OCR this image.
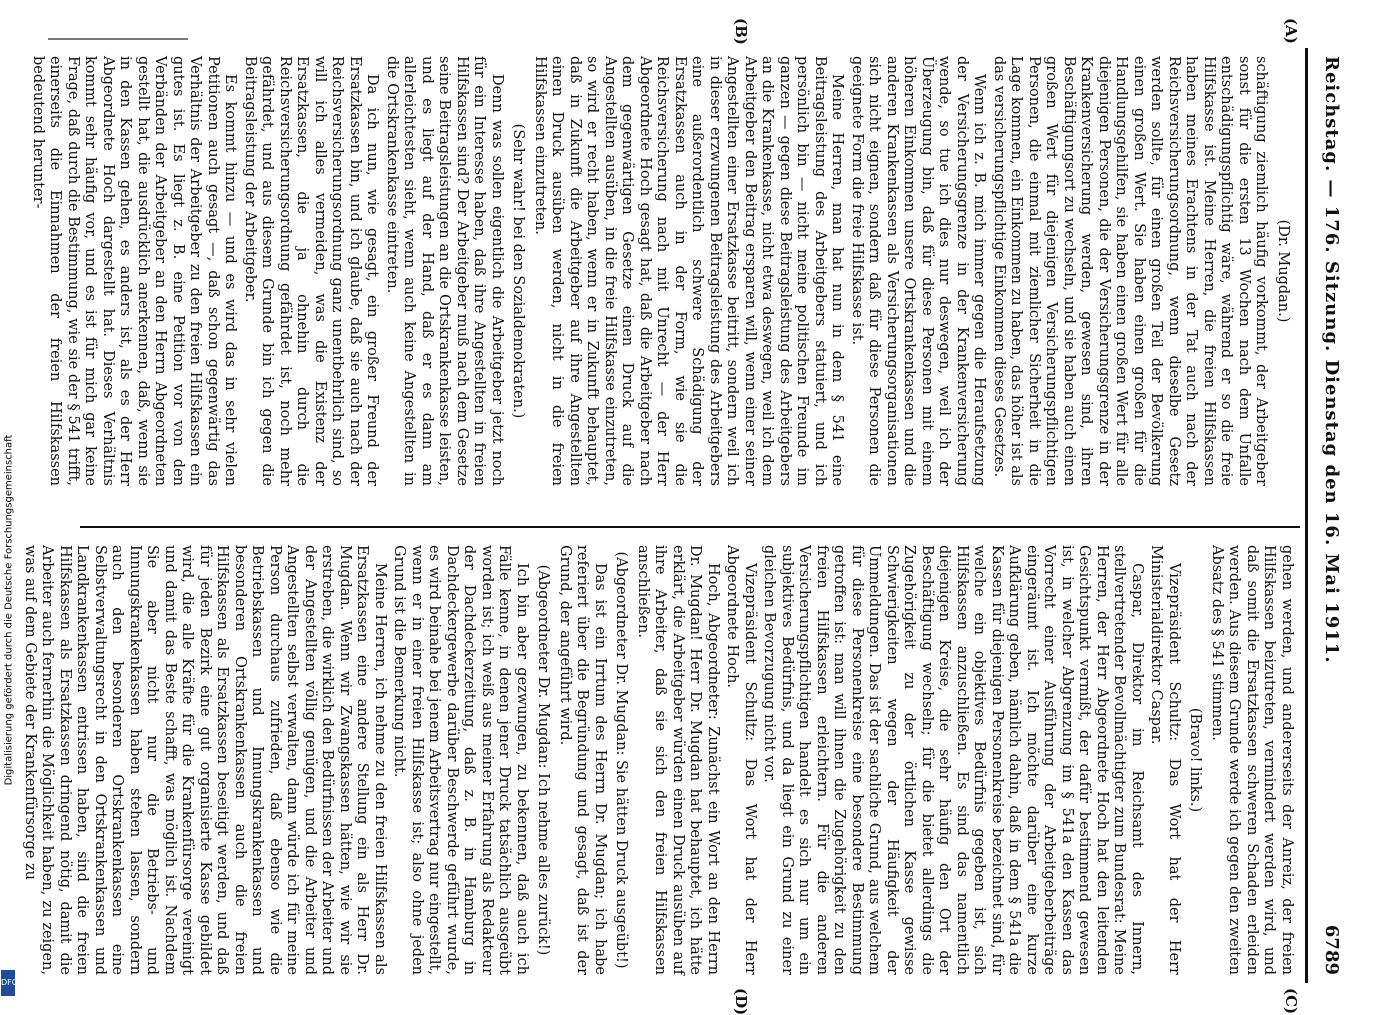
Digitalisierung gefördert durch die Deutsche Forschungsgemeinschaft
DFG
Reichstag. — 176. Sitzung. Dienstag den 16. Mai 1911.
6789
(A)
(B)
(C)
(D)

(Dr. Mugdan.)

schäftigung ziemlich häufig vorkommt, der Arbeitgeber sonst für die ersten 13 Wochen nach dem Unfalle entschädigungspflichtig wäre, während er so die freie Hilfskasse ist. Meine Herren, die freien Hilfskassen haben meines Erachtens in der Tat auch nach der Reichsversicherungsordnung, wenn dieselbe Gesetz werden sollte, für einen großen Teil der Bevölkerung einen großen Wert. Sie haben einen großen für die Handlungsgehilfen, sie haben einen großen Wert für alle diejenigen Personen, die der Versicherungsgrenze in der Krankenversicherung werden, gewesen sind, ihren Beschäftigungsort zu wechseln, und sie haben auch einen großen Wert für diejenigen Versicherungspflichtigen Personen, die einmal mit ziemlicher Sicherheit in die Lage kommen, ein Einkommen zu haben, das höher ist als das versicherungspflichtige Einkommen dieses Gesetzes.

Wenn ich z. B. mich immer gegen die Heraufsetzung der Versicherungsgrenze in der Krankenversicherung wende, so tue ich dies nur deswegen, weil ich der Überzeugung bin, daß für diese Personen mit einem höheren Einkommen unsere Ortskrankenkassen und die anderen Krankenkassen als Versicherungsorganisationen sich nicht eignen, sondern daß für diese Personen die geeignete Form die freie Hilfskasse ist.

Meine Herren, man hat nun in dem § 541 eine Beitragsleistung des Arbeitgebers statuiert, und ich persönlich bin — nicht meine politischen Freunde im ganzen — gegen diese Beitragsleistung des Arbeitgebers an die Krankenkasse, nicht etwa deswegen, weil ich dem Arbeitgeber den Beitrag ersparen will, wenn einer seiner Angestellten einer Ersatzkasse beitritt, sondern weil ich in dieser erzwungenen Beitragsleistung des Arbeitgebers eine außerordentlich schwere Schädigung der Ersatzkassen auch in der Form, wie sie die Reichsversicherung nach mit Unrecht — der Herr Abgeordnete Hoch gesagt hat, daß die Arbeitgeber nach dem gegenwärtigen Gesetze einen Druck auf die Angestellten ausüben, in die freie Hilfskasse einzutreten, so wird er recht haben, wenn er in Zukunft behauptet, daß in Zukunft die Arbeitgeber auf ihre Angestellten einen Druck ausüben werden, nicht in die freien Hilfskassen einzutreten.

(Sehr wahr! bei den Sozialdemokraten.)

Denn was sollen eigentlich die Arbeitgeber jetzt noch für ein Interesse haben, daß ihre Angestellten in freien Hilfskassen sind? Der Arbeitgeber muß nach dem Gesetze seine Beitragsleistungen an die Ortskrankenkasse leisten, und es liegt auf der Hand, daß er es dann am allerleichtesten sieht, wenn auch keine Angestellten in die Ortskrankenkasse eintreten.

Da ich nun, wie gesagt, ein großer Freund der Ersatzkassen bin, und ich glaube, daß sie auch nach der Reichsversicherungsordnung ganz unentbehrlich sind, so will ich alles vermeiden, was die Existenz der Ersatzkassen, die ja ohnehin durch die Reichsversicherungsordnung gefährdet ist, noch mehr gefährdet, und aus diesem Grunde bin ich gegen die Beitragsleistung der Arbeitgeber.

Es kommt hinzu — und es wird das in sehr vielen Petitionen auch gesagt —, daß schon gegenwärtig das Verhältnis der Arbeitgeber zu den freien Hilfskassen ein gutes ist. Es liegt z. B. eine Petition vor von den Verbänden der Arbeitgeber an den Herrn Abgeordneten gestellt hat, die ausdrücklich anerkennen, daß, wenn sie in den Kassen gehen, es anders ist, als es der Herr Abgeordnete Hoch dargestellt hat. Dieses Verhältnis kommt sehr häufig vor, und es ist für mich gar keine Frage, daß durch die Bestimmung, wie sie der § 541 trifft, einerseits die Einnahmen der freien Hilfskassen bedeutend herunter-

gehen werden, und andererseits der Anreiz, der freien Hilfskassen beizutreten, vermindert werden wird, und daß somit die Ersatzkassen schweren Schaden erleiden werden. Aus diesem Grunde werde ich gegen den zweiten Absatz des § 541 stimmen.

(Bravo! links.)

Vizepräsident Schultz: Das Wort hat der Herr Ministerialdirektor Caspar.

Caspar, Direktor im Reichsamt des Innern, stellvertretender Bevollmächtigter zum Bundesrat: Meine Herren, der Herr Abgeordnete Hoch hat den leitenden Gesichtspunkt vermißt, der dafür bestimmend gewesen ist, in welcher Abgrenzung im § 541a den Kassen das Vorrecht einer Ausführung der Arbeitgeberbeiträge eingeräumt ist. Ich möchte darüber eine kurze Aufklärung geben, nämlich dahin, daß in dem § 541a die Kassen für diejenigen Personenkreise bezeichnet sind, für welche ein objektives Bedürfnis gegeben ist, sich Hilfskassen anzuschließen. Es sind das namentlich diejenigen Kreise, die sehr häufig den Ort der Beschäftigung wechseln; für die bietet allerdings die Zugehörigkeit zu der örtlichen Kasse gewisse Schwierigkeiten wegen der Häufigkeit der Ummeldungen. Das ist der sachliche Grund, aus welchem für diese Personenkreise eine besondere Bestimmung getroffen ist: man will ihnen die Zugehörigkeit zu den freien Hilfskassen erleichtern. Für die anderen Versicherungspflichtigen handelt es sich nur um ein subjektives Bedürfnis, und da liegt ein Grund zu einer gleichen Bevorzugung nicht vor.

Vizepräsident Schultz: Das Wort hat der Herr Abgeordnete Hoch.

Hoch, Abgeordneter: Zunächst ein Wort an den Herrn Dr. Mugdan! Herr Dr. Mugdan hat behauptet, ich hätte erklärt, die Arbeitgeber würden einen Druck ausüben auf ihre Arbeiter, daß sie sich den freien Hilfskassen anschließen.

(Abgeordneter Dr. Mugdan: Sie hätten Druck ausgeübt!)

Das ist ein Irrtum des Herrn Dr. Mugdan; ich habe referiert über die Begründung und gesagt, daß ist der Grund, der angeführt wird.

(Abgeordneter Dr. Mugdan: Ich nehme alles zurück!)

Ich bin aber gezwungen, zu bekennen, daß auch ich Fälle kenne, in denen jener Druck tatsächlich ausgeübt worden ist; ich weiß aus meiner Erfahrung als Redakteur der Dachdeckerzeitung, daß z. B. in Hamburg in Dachdeckergewerbe darüber Beschwerde geführt wurde, es wird beinahe bei jenem Arbeitsvertrag nur eingestellt, wenn er in einer freien Hilfskasse ist; also ohne jeden Grund ist die Bemerkung nicht.

Meine Herren, ich nehme zu den freien Hilfskassen als Ersatzkassen eine andere Stellung ein als Herr Dr. Mugdan. Wenn wir Zwangskassen hätten, wie wir sie erstreben, die wirklich den Bedürfnissen der Arbeiter und der Angestellten völlig genügen, und die Arbeiter und Angestellten selbst verwalten, dann würde ich für meine Person durchaus zufrieden, daß ebenso wie die Betriebskassen und Innungskrankenkassen und besonderen Ortskrankenkassen auch die freien Hilfskassen als Ersatzkassen beseitigt werden, und daß für jeden Bezirk eine gut organisierte Kasse gebildet wird, die alle Kräfte für die Krankenfürsorge vereinigt und damit das Beste schafft, was möglich ist. Nachdem Sie aber nicht nur die Betriebs- und Innungskrankenkassen haben stehen lassen, sondern auch den besonderen Ortskrankenkassen eine Selbstverwaltungsrecht in den Ortskrankenkassen und Landkrankenkassen entrissen haben, sind die freien Hilfskassen als Ersatzkassen dringend nötig, damit die Arbeiter auch fernerhin die Möglichkeit haben, zu zeigen, was auf dem Gebiete der Krankenfürsorge zu
